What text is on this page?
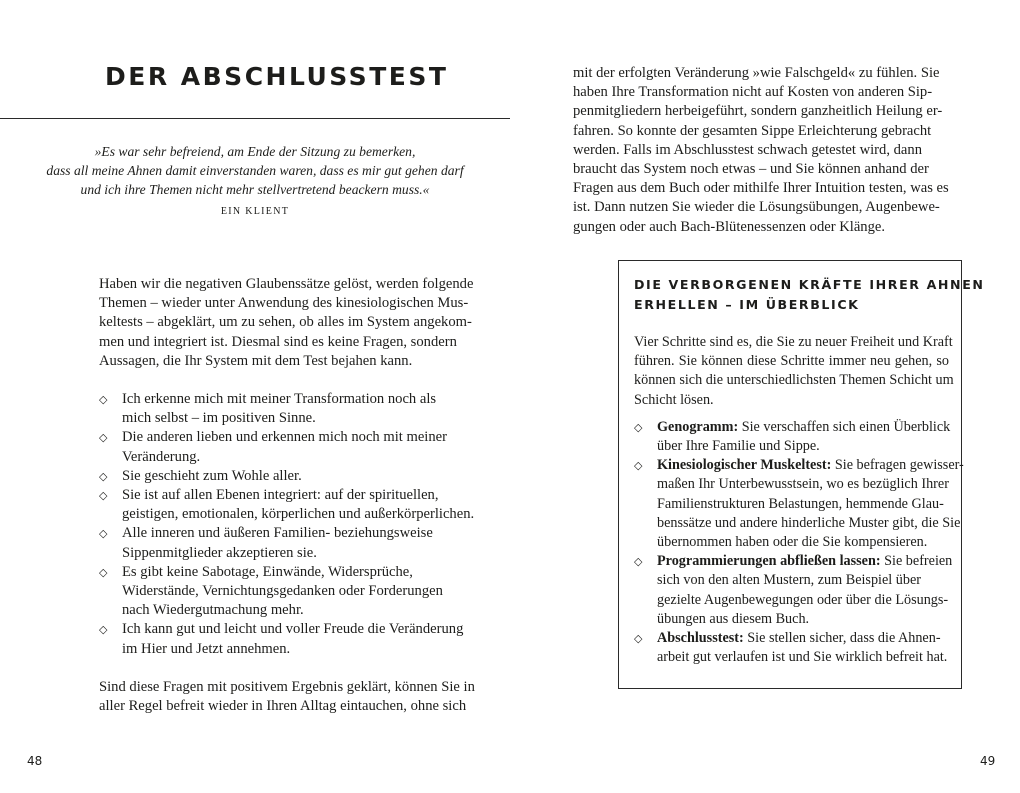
DER ABSCHLUSSTEST
»Es war sehr befreiend, am Ende der Sitzung zu bemerken,
dass all meine Ahnen damit einverstanden waren, dass es mir gut gehen darf
und ich ihre Themen nicht mehr stellvertretend beackern muss.«
EIN KLIENT
Haben wir die negativen Glaubenssätze gelöst, werden folgende
Themen – wieder unter Anwendung des kinesiologischen Mus-
keltests – abgeklärt, um zu sehen, ob alles im System angekom-
men und integriert ist. Diesmal sind es keine Fragen, sondern
Aussagen, die Ihr System mit dem Test bejahen kann.
◇ Ich erkenne mich mit meiner Transformation noch als
mich selbst – im positiven Sinne.
◇ Die anderen lieben und erkennen mich noch mit meiner
Veränderung.
◇ Sie geschieht zum Wohle aller.
◇ Sie ist auf allen Ebenen integriert: auf der spirituellen,
geistigen, emotionalen, körperlichen und außerkörperlichen.
◇ Alle inneren und äußeren Familien- beziehungsweise
Sippenmitglieder akzeptieren sie.
◇ Es gibt keine Sabotage, Einwände, Widersprüche,
Widerstände, Vernichtungsgedanken oder Forderungen
nach Wiedergutmachung mehr.
◇ Ich kann gut und leicht und voller Freude die Veränderung
im Hier und Jetzt annehmen.
Sind diese Fragen mit positivem Ergebnis geklärt, können Sie in
aller Regel befreit wieder in Ihren Alltag eintauchen, ohne sich
48
mit der erfolgten Veränderung »wie Falschgeld« zu fühlen. Sie
haben Ihre Transformation nicht auf Kosten von anderen Sip-
penmitgliedern herbeigeführt, sondern ganzheitlich Heilung er-
fahren. So konnte der gesamten Sippe Erleichterung gebracht
werden. Falls im Abschlusstest schwach getestet wird, dann
braucht das System noch etwas – und Sie können anhand der
Fragen aus dem Buch oder mithilfe Ihrer Intuition testen, was es
ist. Dann nutzen Sie wieder die Lösungsübungen, Augenbewe-
gungen oder auch Bach-Blütenessenzen oder Klänge.
DIE VERBORGENEN KRÄFTE IHRER AHNEN
ERHELLEN – IM ÜBERBLICK
Vier Schritte sind es, die Sie zu neuer Freiheit und Kraft
führen. Sie können diese Schritte immer neu gehen, so
können sich die unterschiedlichsten Themen Schicht um
Schicht lösen.
◇ Genogramm: Sie verschaffen sich einen Überblick
über Ihre Familie und Sippe.
◇ Kinesiologischer Muskeltest: Sie befragen gewisser-
maßen Ihr Unterbewusstsein, wo es bezüglich Ihrer
Familienstrukturen Belastungen, hemmende Glau-
benssätze und andere hinderliche Muster gibt, die Sie
übernommen haben oder die Sie kompensieren.
◇ Programmierungen abfließen lassen: Sie befreien
sich von den alten Mustern, zum Beispiel über
gezielte Augenbewegungen oder über die Lösungs-
übungen aus diesem Buch.
◇ Abschlusstest: Sie stellen sicher, dass die Ahnen-
arbeit gut verlaufen ist und Sie wirklich befreit hat.
49
